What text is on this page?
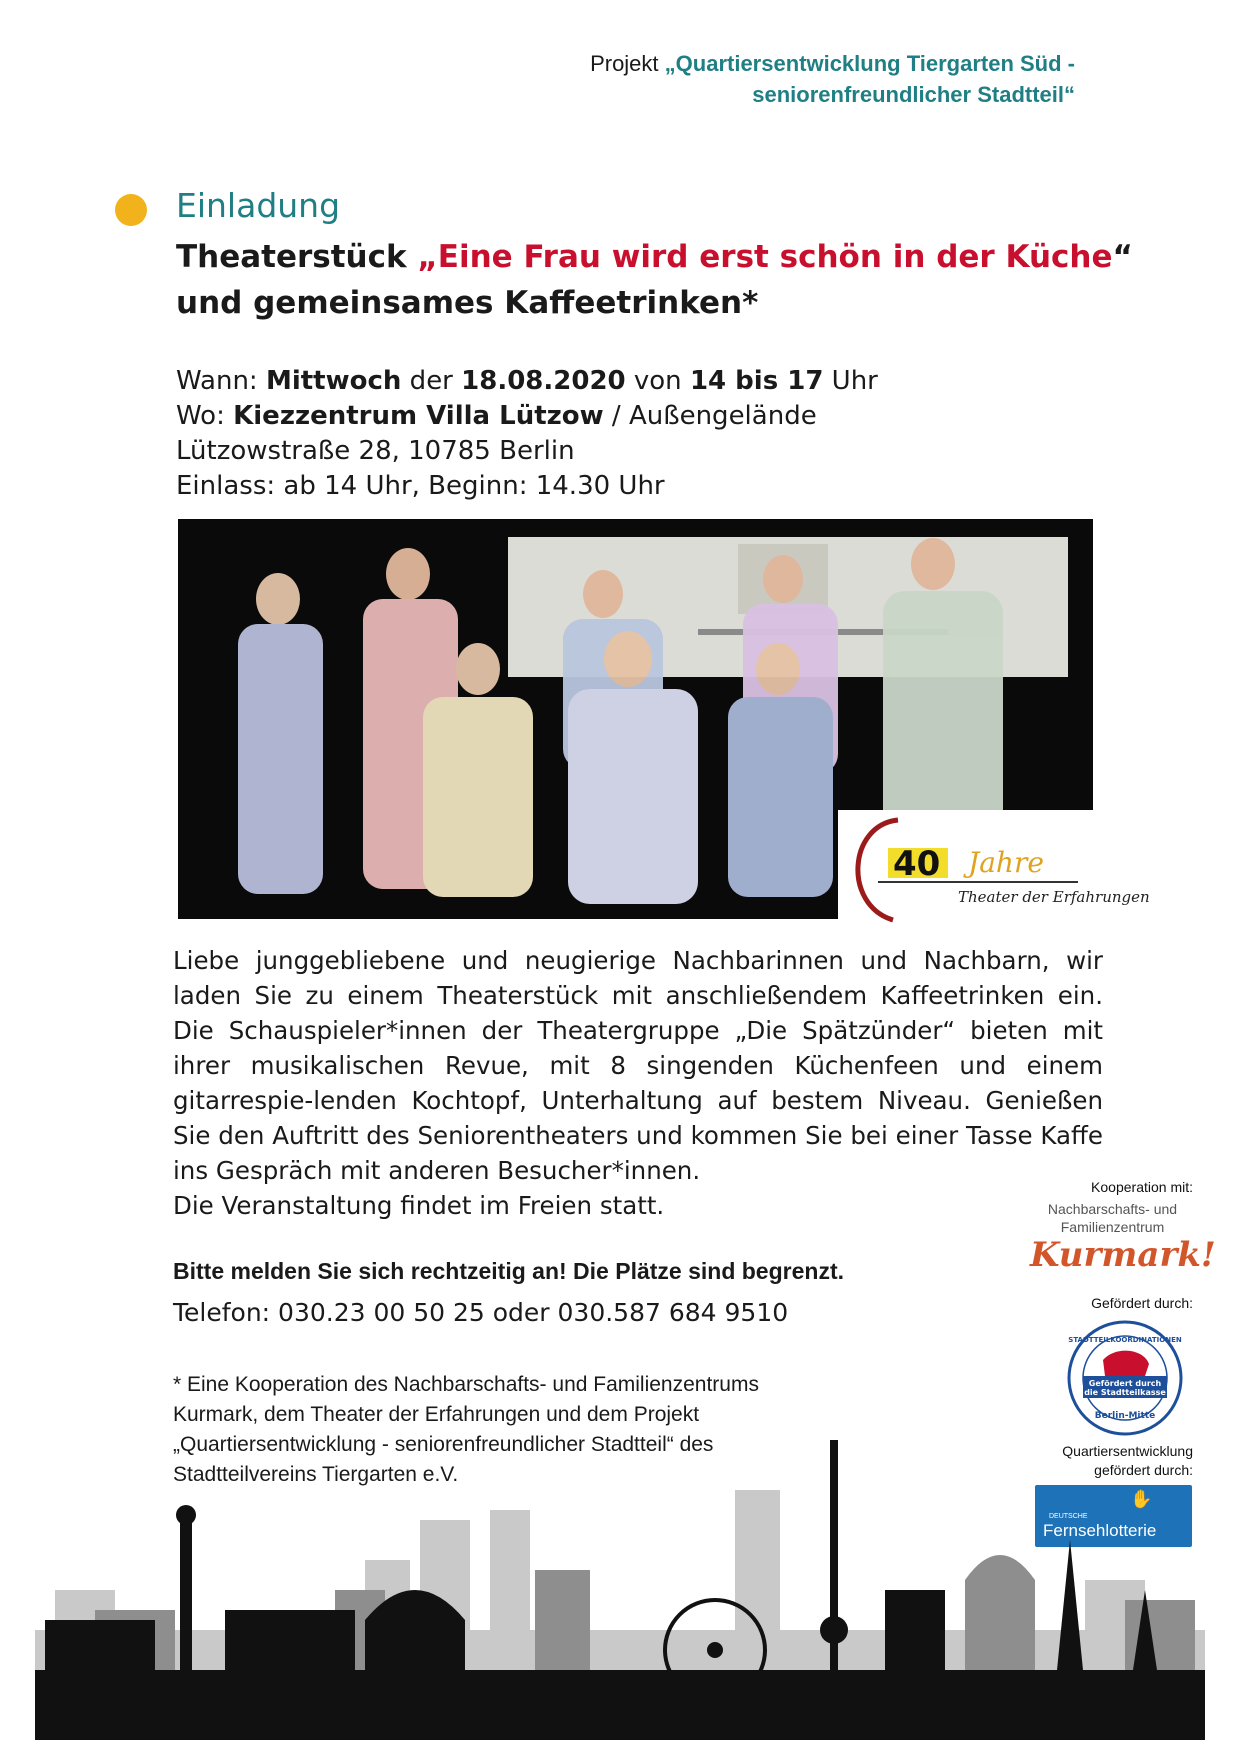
Projekt „Quartiersentwicklung Tiergarten Süd -
seniorenfreundlicher Stadtteil“
Einladung
Theaterstück „Eine Frau wird erst schön in der Küche“
und gemeinsames Kaffeetrinken*
Wann: Mittwoch der 18.08.2020 von 14 bis 17 Uhr
Wo: Kiezzentrum Villa Lützow / Außengelände
Lützowstraße 28, 10785 Berlin
Einlass: ab 14 Uhr, Beginn: 14.30 Uhr
40 Jahre
Theater der Erfahrungen

Liebe junggebliebene und neugierige Nachbarinnen und Nachbarn, wir laden Sie zu einem Theaterstück mit anschließendem Kaffeetrinken ein. Die Schauspieler*innen der Theatergruppe „Die Spätzünder“ bieten mit ihrer musikalischen Revue, mit 8 singenden Küchenfeen und einem gitarrespie-lenden Kochtopf, Unterhaltung auf bestem Niveau. Genießen Sie den Auftritt des Seniorentheaters und kommen Sie bei einer Tasse Kaffe ins Gespräch mit anderen Besucher*innen.

Die Veranstaltung findet im Freien statt.

Bitte melden Sie sich rechtzeitig an! Die Plätze sind begrenzt.
Telefon: 030.23 00 50 25 oder 030.587 684 9510
* Eine Kooperation des Nachbarschafts- und Familienzentrums Kurmark, dem Theater der Erfahrungen und dem Projekt „Quartiersentwicklung - seniorenfreundlicher Stadtteil“ des Stadtteilvereins Tiergarten e.V.
Kooperation mit:
Nachbarschafts- und
Familienzentrum
Kurmark!
Gefördert durch:
STADTTEILKOORDINATIONEN
Gefördert durch
die Stadtteilkasse
Berlin-Mitte
Quartiersentwicklung
gefördert durch:
✋
DEUTSCHE
Fernsehlotterie
